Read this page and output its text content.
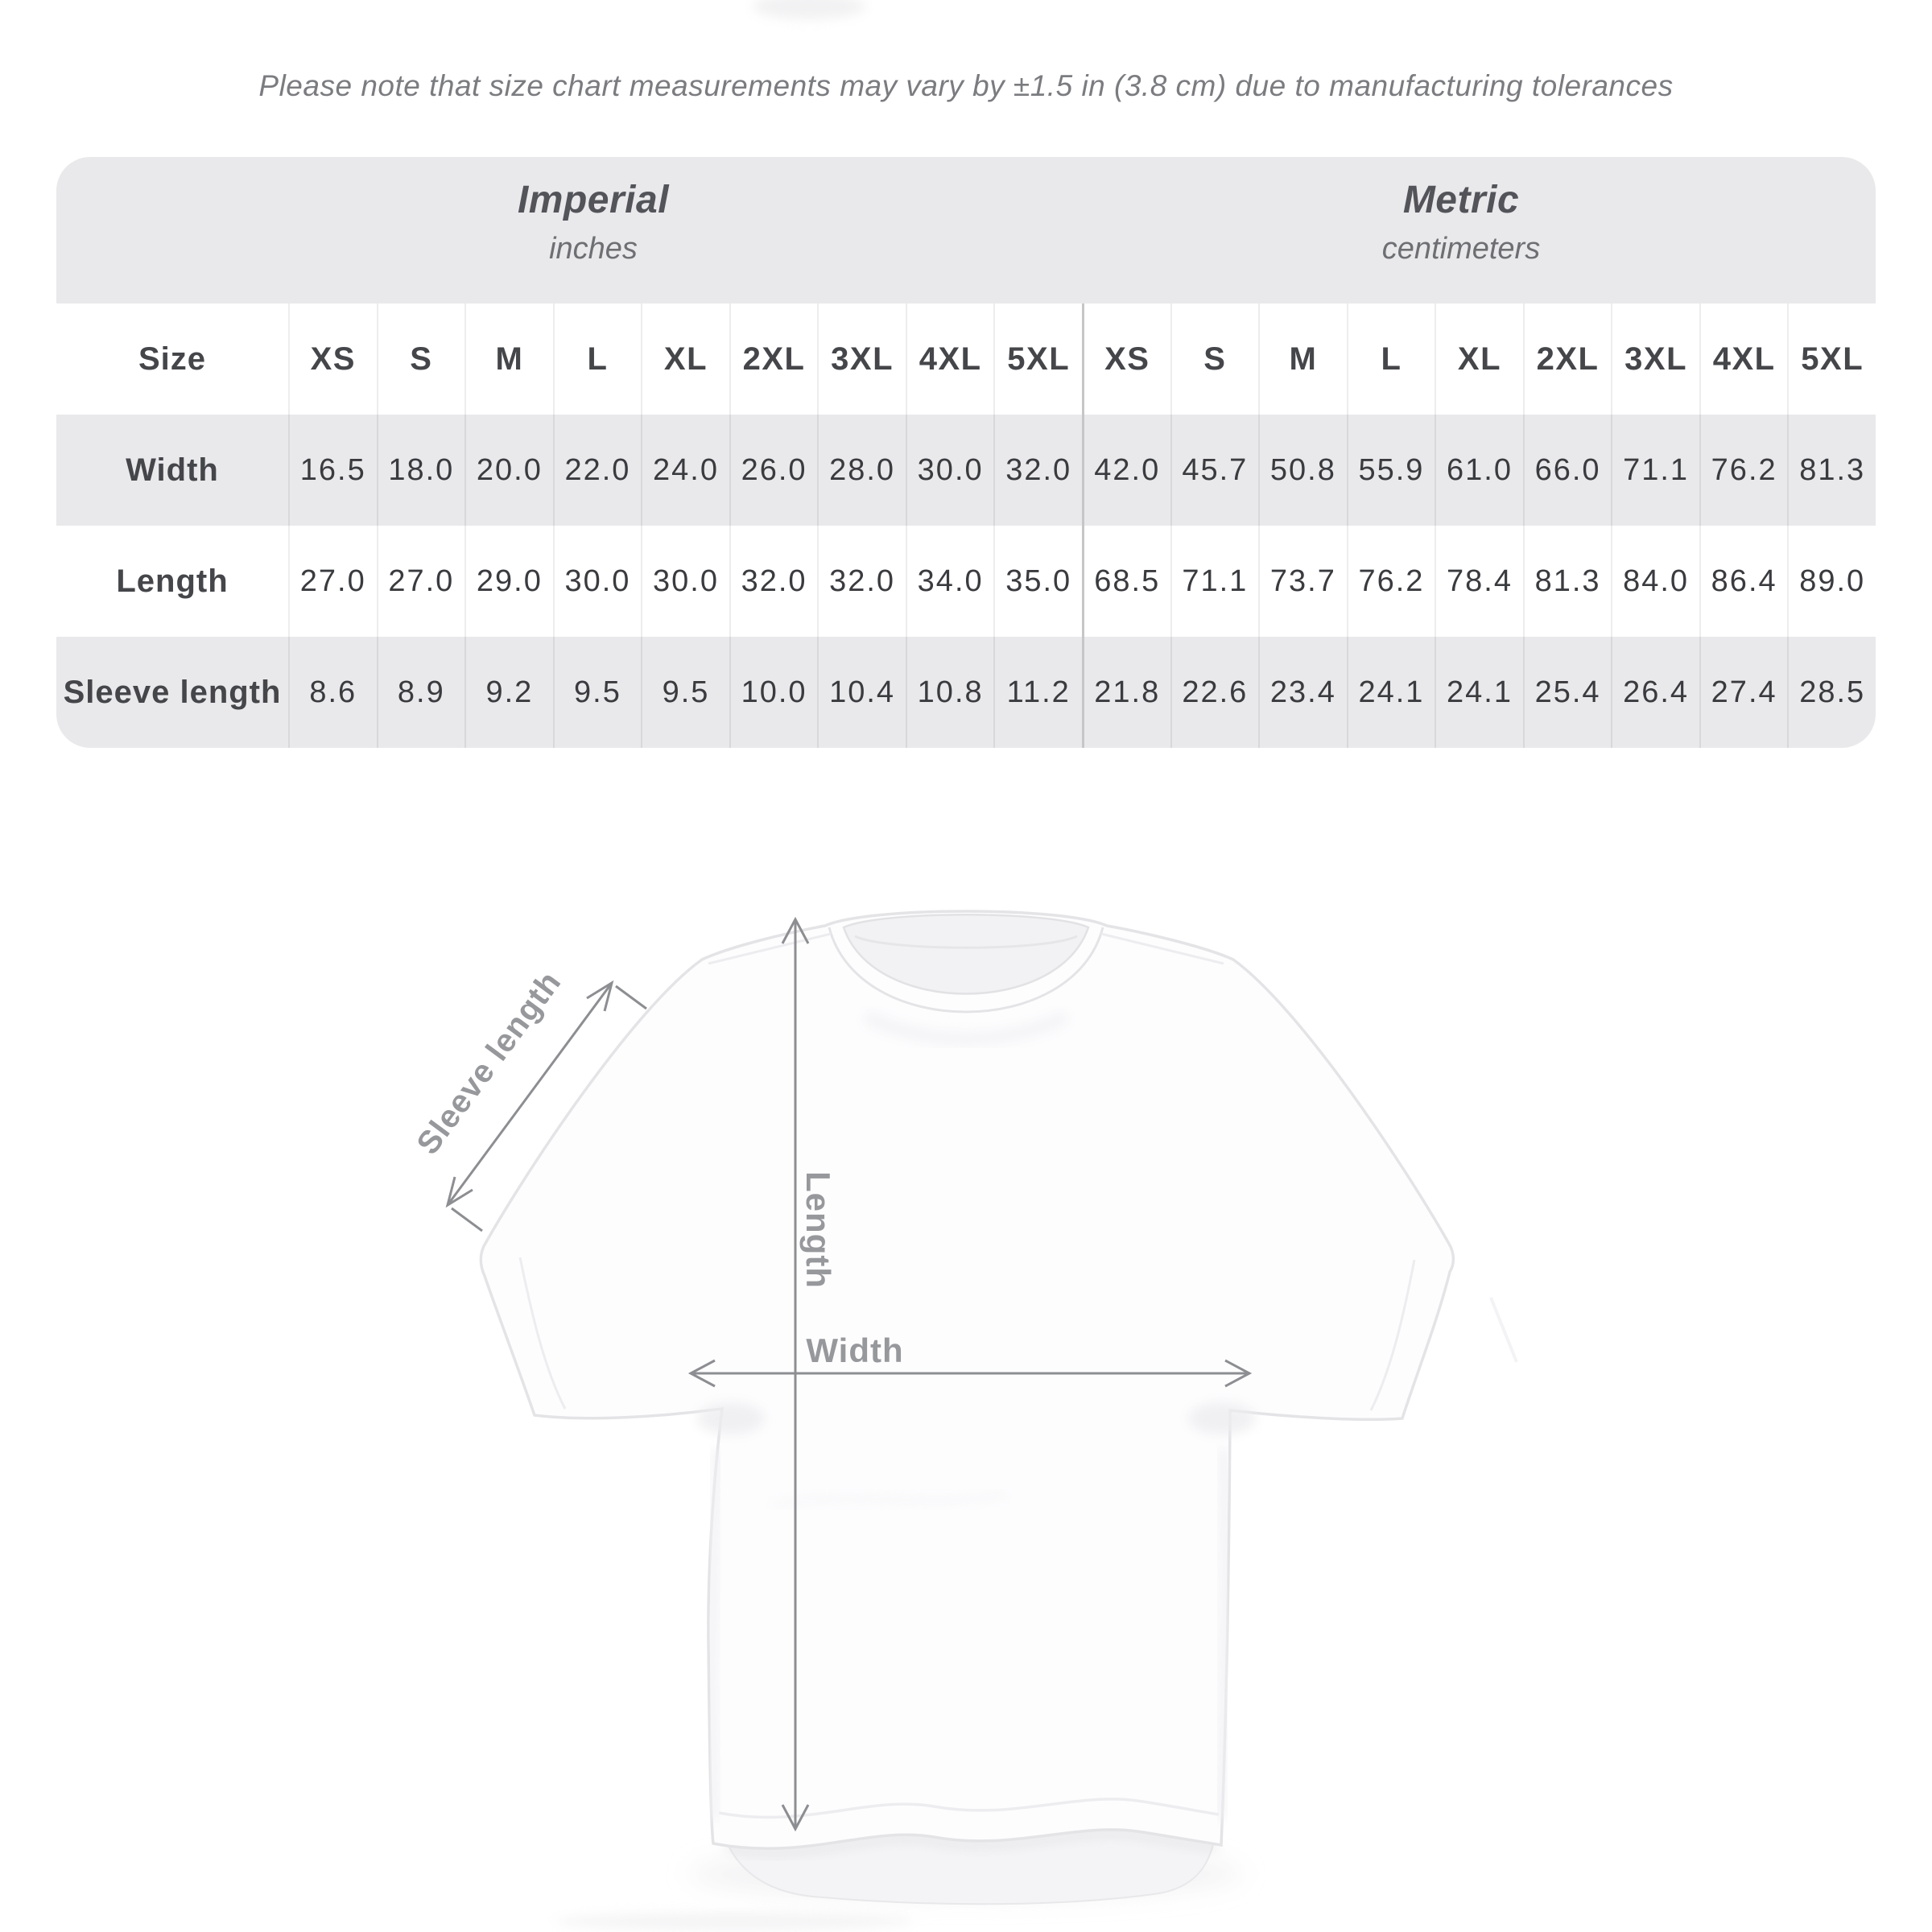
Please note that size chart measurements may vary by ±1.5 in (3.8 cm) due to manufacturing tolerances
Imperial
inches
Metric
centimeters
Size	XS	S	M	L	XL	2XL 3XL 4XL 5XL	XS	S	M	L	XL	2XL 3XL 4XL 5XL
Width	16.5 18.0 20.0 22.0 24.0 26.0 28.0 30.0 32.0 42.0 45.7 50.8 55.9 61.0 66.0 71.1 76.2 81.3
Length	27.0 27.0 29.0 30.0 30.0 32.0 32.0 34.0 35.0 68.5 71.1 73.7 76.2 78.4 81.3 84.0 86.4 89.0
Sleeve length 8.6	8.9	9.2	9.5	9.5	10.0 10.4 10.8 11.2 21.8 22.6 23.4 24.1 24.1 25.4 26.4 27.4 28.5
Sleeve length
Length
Width
